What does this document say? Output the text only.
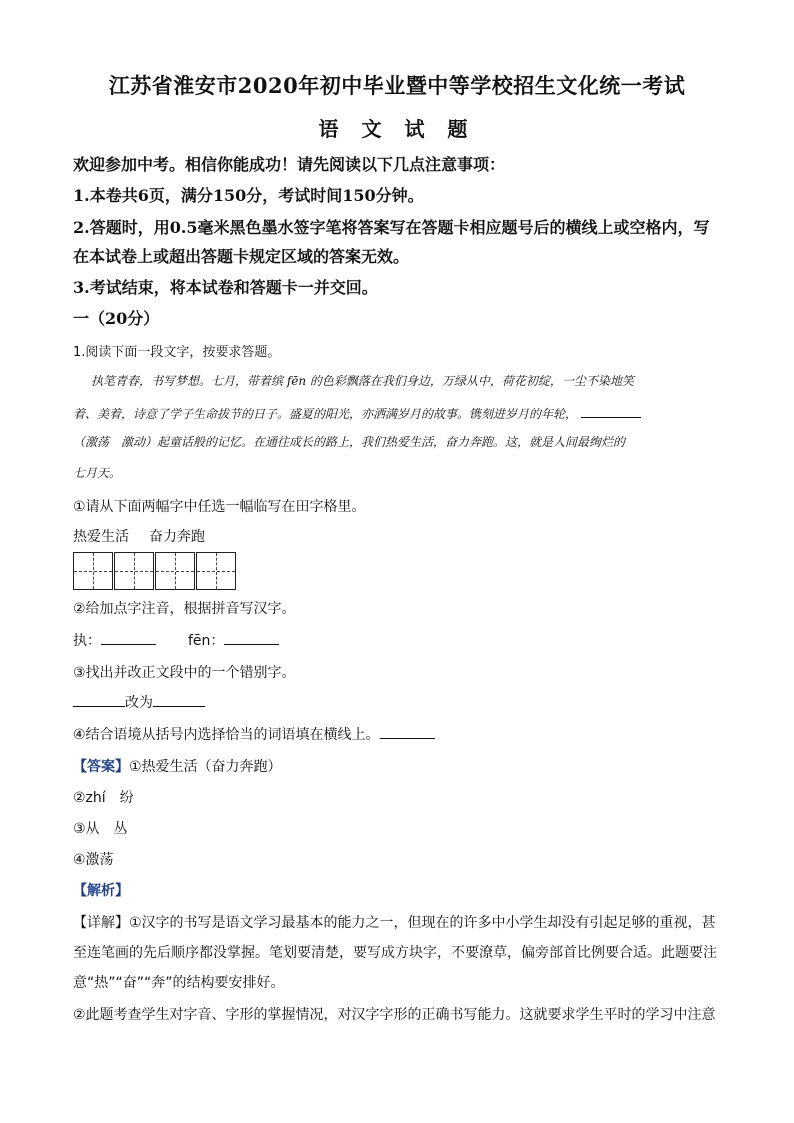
江苏省淮安市2020年初中毕业暨中等学校招生文化统一考试
语 文 试 题
欢迎参加中考。相信你能成功！请先阅读以下几点注意事项：
1.本卷共6页，满分150分，考试时间150分钟。
2.答题时，用0.5毫米黑色墨水签字笔将答案写在答题卡相应题号后的横线上或空格内，写
在本试卷上或超出答题卡规定区域的答案无效。
3.考试结束，将本试卷和答题卡一并交回。
一（20分）
1.阅读下面一段文字，按要求答题。
执笔青春，书写梦想。七月，带着缤 fēn 的色彩飘落在我们身边，万绿从中，荷花初绽，一尘不染地笑
着、美着，诗意了学子生命拔节的日子。盛夏的阳光，亦洒满岁月的故事。镌刻进岁月的年轮，
（激荡　激动）起童话般的记忆。在通往成长的路上，我们热爱生活，奋力奔跑。这，就是人间最绚烂的
七月天。
①请从下面两幅字中任选一幅临写在田字格里。
热爱生活 奋力奔跑
②给加点字注音，根据拼音写汉字。
执：	fēn：
③找出并改正文段中的一个错别字。
改为
④结合语境从括号内选择恰当的词语填在横线上。
【答案】①热爱生活（奋力奔跑）
②zhí　纷
③从　丛
④激荡
【解析】
【详解】①汉字的书写是语文学习最基本的能力之一，但现在的许多中小学生却没有引起足够的重视，甚
至连笔画的先后顺序都没掌握。笔划要清楚，要写成方块字，不要潦草，偏旁部首比例要合适。此题要注
意“热”“奋”“奔”的结构要安排好。
②此题考查学生对字音、字形的掌握情况，对汉字字形的正确书写能力。这就要求学生平时的学习中注意
